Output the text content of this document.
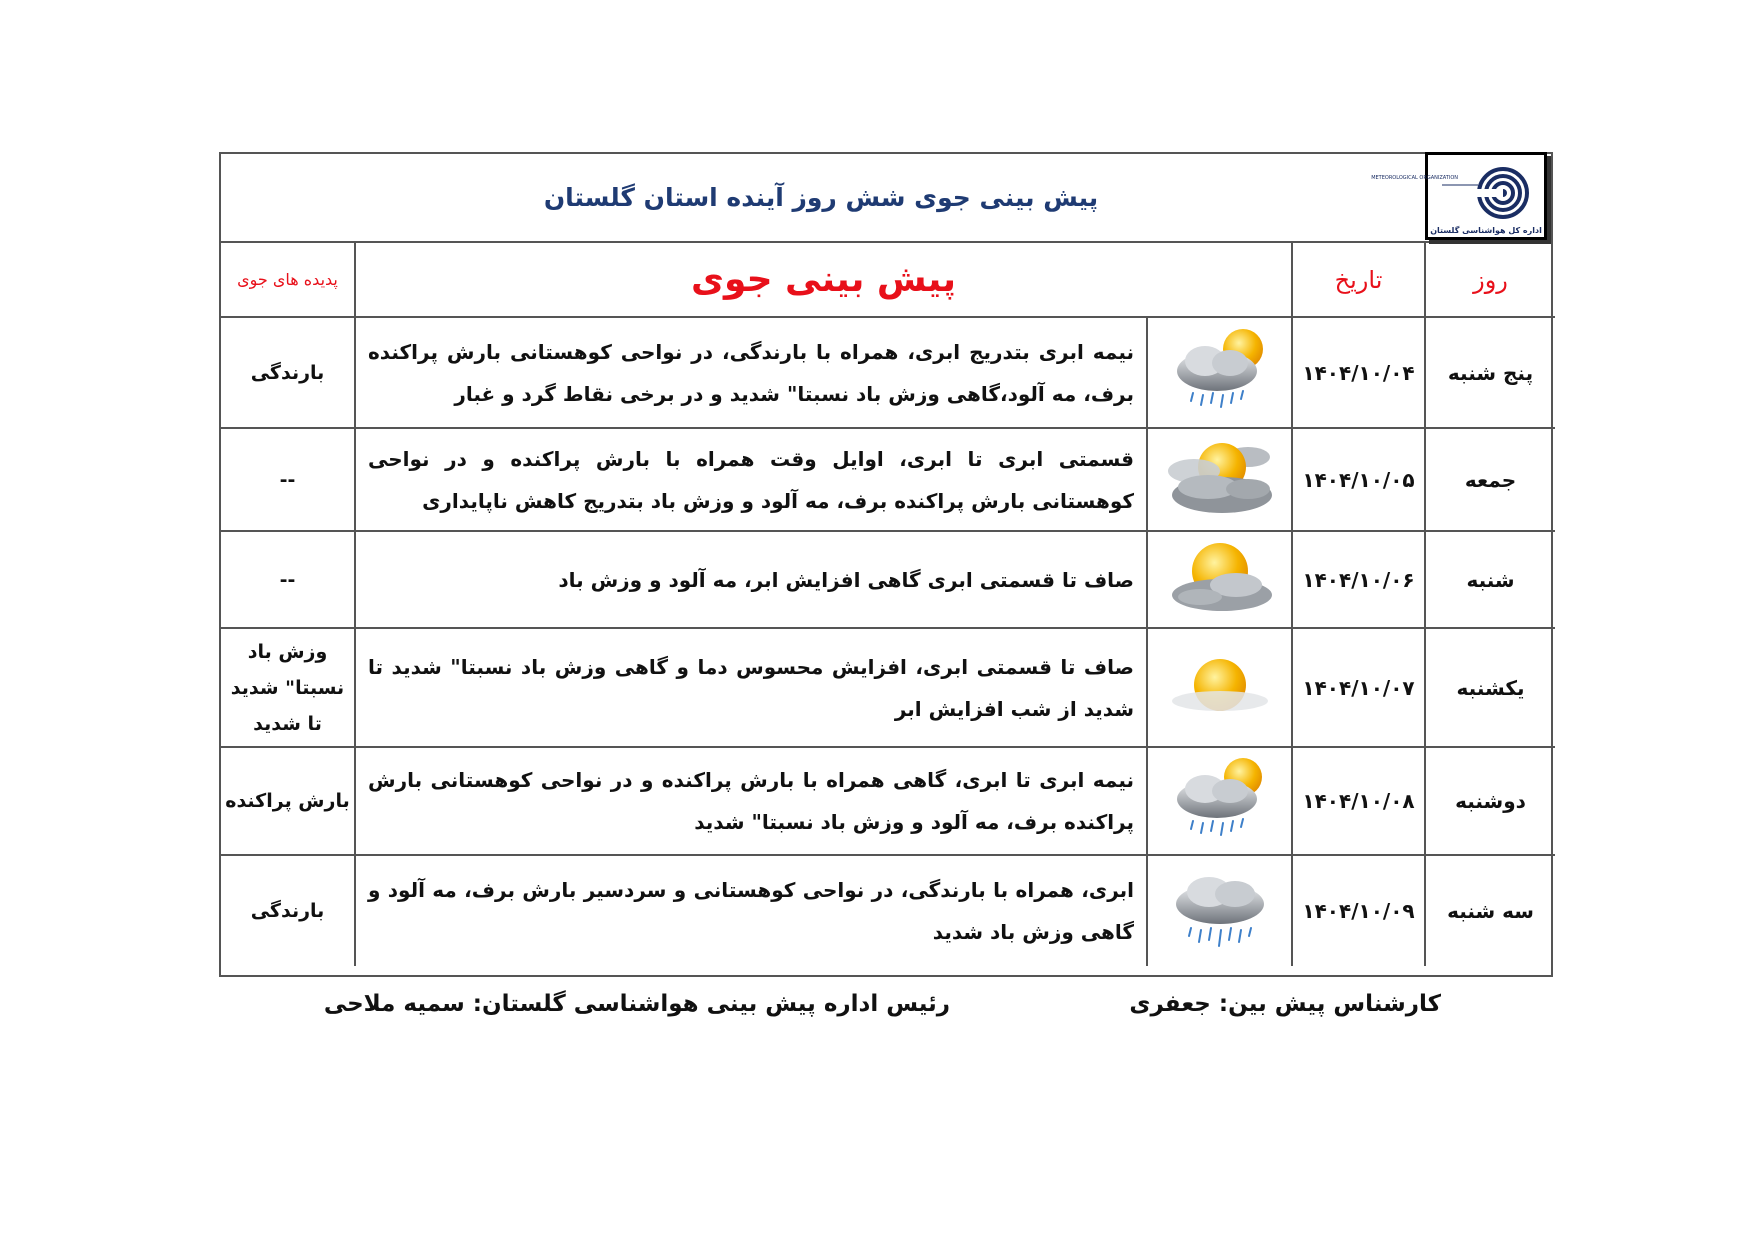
پیش بینی جوی شش روز آینده استان گلستان
METEOROLOGICAL ORGANIZATION
اداره کل هواشناسی گلستان
روز	تاریخ	پیش بینی جوی		پدیده های جوی
پنج شنبه	۱۴۰۴/۱۰/۰۴		نیمه ابری بتدریج ابری، همراه با بارندگی، در نواحی کوهستانی بارش پراکنده برف، مه آلود،گاهی وزش باد نسبتا" شدید و در برخی نقاط گرد و غبار	بارندگی
جمعه	۱۴۰۴/۱۰/۰۵		قسمتی ابری تا ابری، اوایل وقت همراه با بارش پراکنده و در نواحی کوهستانی بارش پراکنده برف، مه آلود و وزش باد بتدریج کاهش ناپایداری	--
شنبه	۱۴۰۴/۱۰/۰۶		صاف تا قسمتی ابری گاهی افزایش ابر، مه آلود و وزش باد	--
یکشنبه	۱۴۰۴/۱۰/۰۷		صاف تا قسمتی ابری، افزایش محسوس دما و گاهی وزش باد نسبتا" شدید تا شدید از شب افزایش ابر	وزش باد نسبتا" شدید تا شدید
دوشنبه	۱۴۰۴/۱۰/۰۸		نیمه ابری تا ابری، گاهی همراه با بارش پراکنده و در نواحی کوهستانی بارش پراکنده برف، مه آلود و وزش باد نسبتا" شدید	بارش پراکنده
سه شنبه	۱۴۰۴/۱۰/۰۹		ابری، همراه با بارندگی، در نواحی کوهستانی و سردسیر بارش برف، مه آلود و گاهی وزش باد شدید	بارندگی
کارشناس پیش بین: جعفری
رئیس اداره پیش بینی هواشناسی گلستان: سمیه ملاحی
